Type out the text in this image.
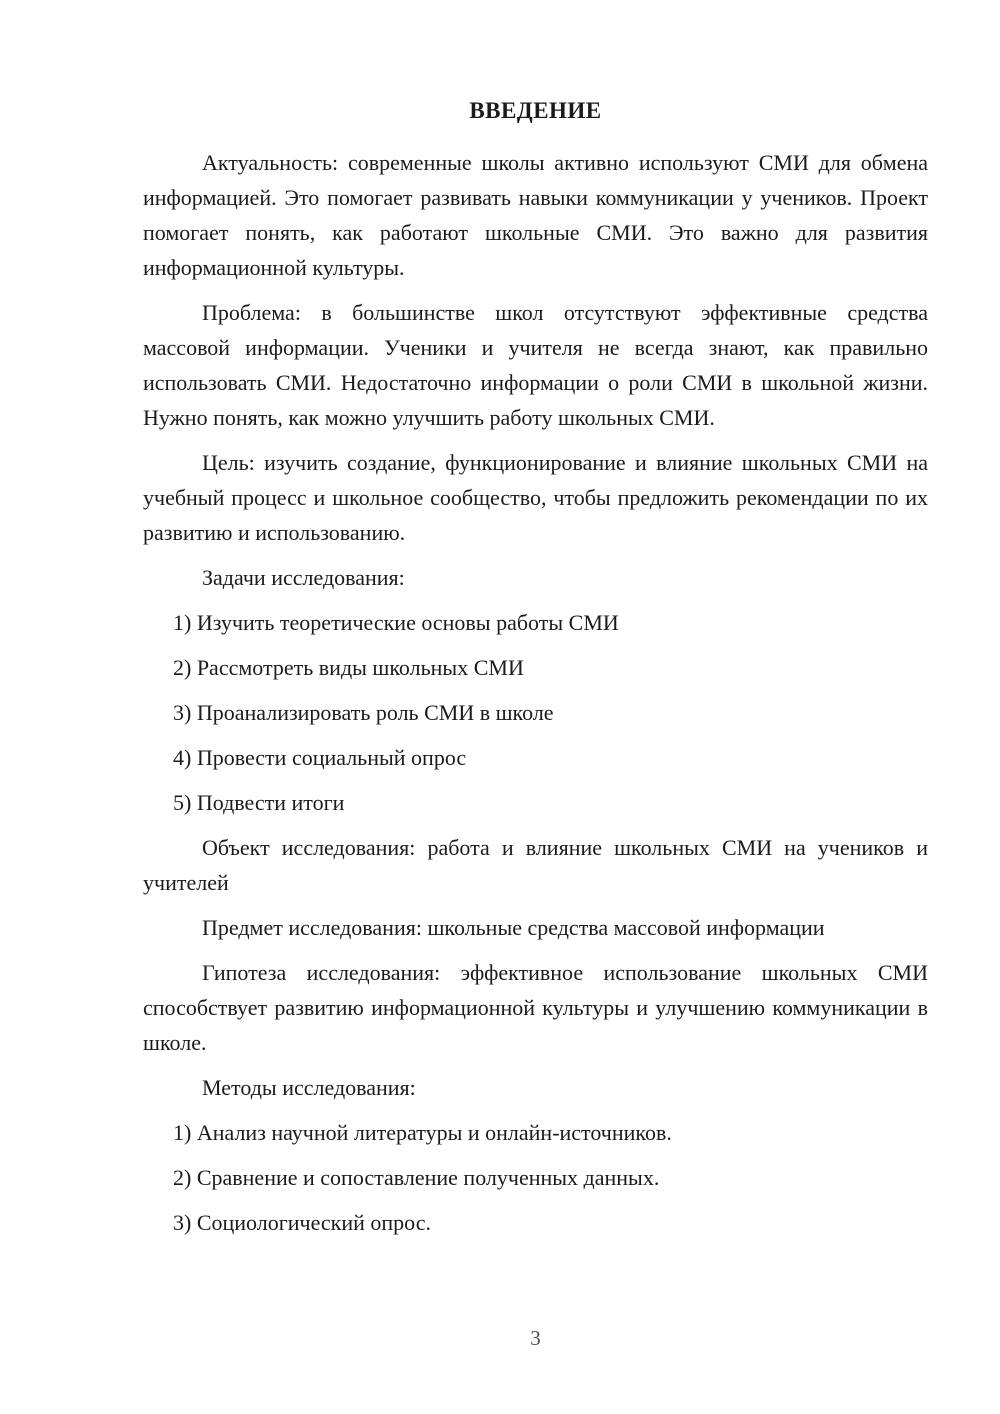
ВВЕДЕНИЕ

Актуальность: современные школы активно используют СМИ для обмена информацией. Это помогает развивать навыки коммуникации у учеников. Проект помогает понять, как работают школьные СМИ. Это важно для развития информационной культуры.

Проблема: в большинстве школ отсутствуют эффективные средства массовой информации. Ученики и учителя не всегда знают, как правильно использовать СМИ. Недостаточно информации о роли СМИ в школьной жизни. Нужно понять, как можно улучшить работу школьных СМИ.

Цель: изучить создание, функционирование и влияние школьных СМИ на учебный процесс и школьное сообщество, чтобы предложить рекомендации по их развитию и использованию.

Задачи исследования:

1) Изучить теоретические основы работы СМИ

2) Рассмотреть виды школьных СМИ

3) Проанализировать роль СМИ в школе

4) Провести социальный опрос

5) Подвести итоги

Объект исследования: работа и влияние школьных СМИ на учеников и учителей

Предмет исследования: школьные средства массовой информации

Гипотеза исследования: эффективное использование школьных СМИ способствует развитию информационной культуры и улучшению коммуникации в школе.

Методы исследования:

1) Анализ научной литературы и онлайн-источников.

2) Сравнение и сопоставление полученных данных.

3) Социологический опрос.

3
